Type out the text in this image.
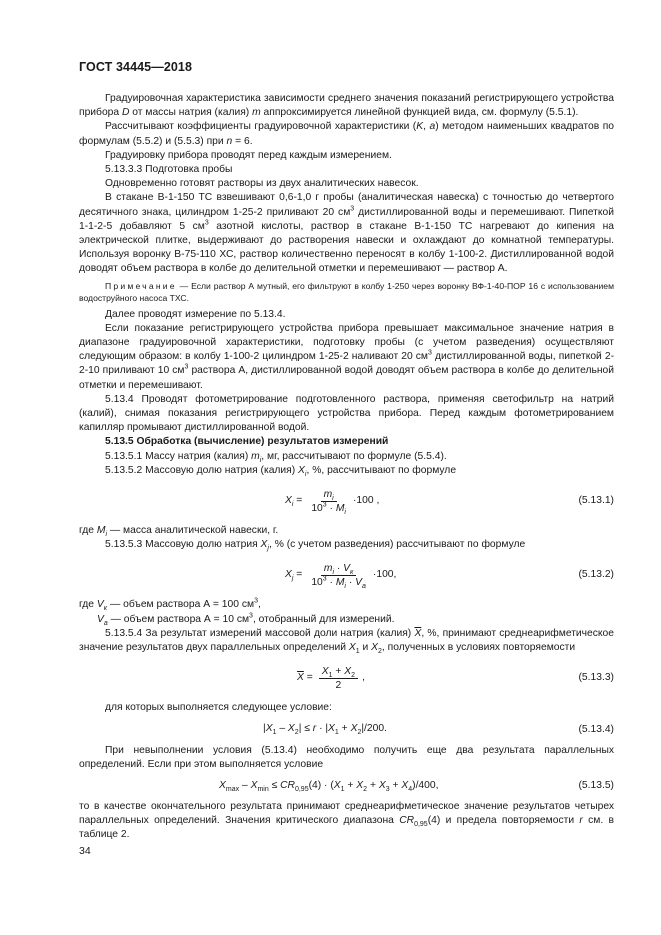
ГОСТ 34445—2018

Градуировочная характеристика зависимости среднего значения показаний регистрирующего устройства прибора D от массы натрия (калия) m аппроксимируется линейной функцией вида, см. формулу (5.5.1).

Рассчитывают коэффициенты градуировочной характеристики (K, a) методом наименьших квадратов по формулам (5.5.2) и (5.5.3) при n = 6.

Градуировку прибора проводят перед каждым измерением.

5.13.3.3 Подготовка пробы

Одновременно готовят растворы из двух аналитических навесок.

В стакане В-1-150 ТС взвешивают 0,6-1,0 г пробы (аналитическая навеска) с точностью до четвертого десятичного знака, цилиндром 1-25-2 приливают 20 $см^3$ дистиллированной воды и перемешивают. Пипеткой 1-1-2-5 добавляют 5 $см^3$ азотной кислоты, раствор в стакане В-1-150 ТС нагревают до кипения на электрической плитке, выдерживают до растворения навески и охлаждают до комнатной температуры. Используя воронку В-75-110 ХС, раствор количественно переносят в колбу 1-100-2. Дистиллированной водой доводят объем раствора в колбе до делительной отметки и перемешивают — раствор А.

Примечание — Если раствор А мутный, его фильтруют в колбу 1-250 через воронку ВФ-1-40-ПОР 16 с использованием водоструйного насоса ТХС.

Далее проводят измерение по 5.13.4.

Если показание регистрирующего устройства прибора превышает максимальное значение натрия в диапазоне градуировочной характеристики, подготовку пробы (с учетом разведения) осуществляют следующим образом: в колбу 1-100-2 цилиндром 1-25-2 наливают 20 $см^3$ дистиллированной воды, пипеткой 2-2-10 приливают 10 $см^3$ раствора А, дистиллированной водой доводят объем раствора в колбе до делительной отметки и перемешивают.

5.13.4 Проводят фотометрирование подготовленного раствора, применяя светофильтр на натрий (калий), снимая показания регистрирующего устройства прибора. Перед каждым фотометрированием капилляр промывают дистиллированной водой.

5.13.5 Обработка (вычисление) результатов измерений

5.13.5.1 Массу натрия (калия) $m_i$, мг, рассчитывают по формуле (5.5.4).

5.13.5.2 Массовую долю натрия (калия) $X_i$, %, рассчитывают по формуле

$X_i = \frac{m_i}{10^3 \cdot M_i} \cdot 100$ ,	(5.13.1)

где $M_i$ — масса аналитической навески, г.

5.13.5.3 Массовую долю натрия $X_j$, % (с учетом разведения) рассчитывают по формуле

$X_j = \frac{m_i \cdot V_к}{10^3 \cdot M_i \cdot V_a} \cdot 100$,	(5.13.2)

где $V_к$ — объем раствора А = 100 $см^3$,

$V_a$ — объем раствора А = 10 $см^3$, отобранный для измерений.

5.13.5.4 За результат измерений массовой доли натрия (калия) $\overline{X}$, %, принимают среднеарифметическое значение результатов двух параллельных определений $X_1$ и $X_2$, полученных в условиях повторяемости

$\overline{X} = \frac{X_1 + X_2}{2}$ ,	(5.13.3)

для которых выполняется следующее условие:

$|X_1 - X_2| \le r \cdot |X_1 + X_2|/200$.	(5.13.4)

При невыполнении условия (5.13.4) необходимо получить еще два результата параллельных определений. Если при этом выполняется условие

$X_{max} - X_{min} \le CR_{0,95}(4) \cdot (X_1 + X_2 + X_3 + X_4)/400$,	(5.13.5)

то в качестве окончательного результата принимают среднеарифметическое значение результатов четырех параллельных определений. Значения критического диапазона $CR_{0,95}(4)$ и предела повторяемости r см. в таблице 2.

34
